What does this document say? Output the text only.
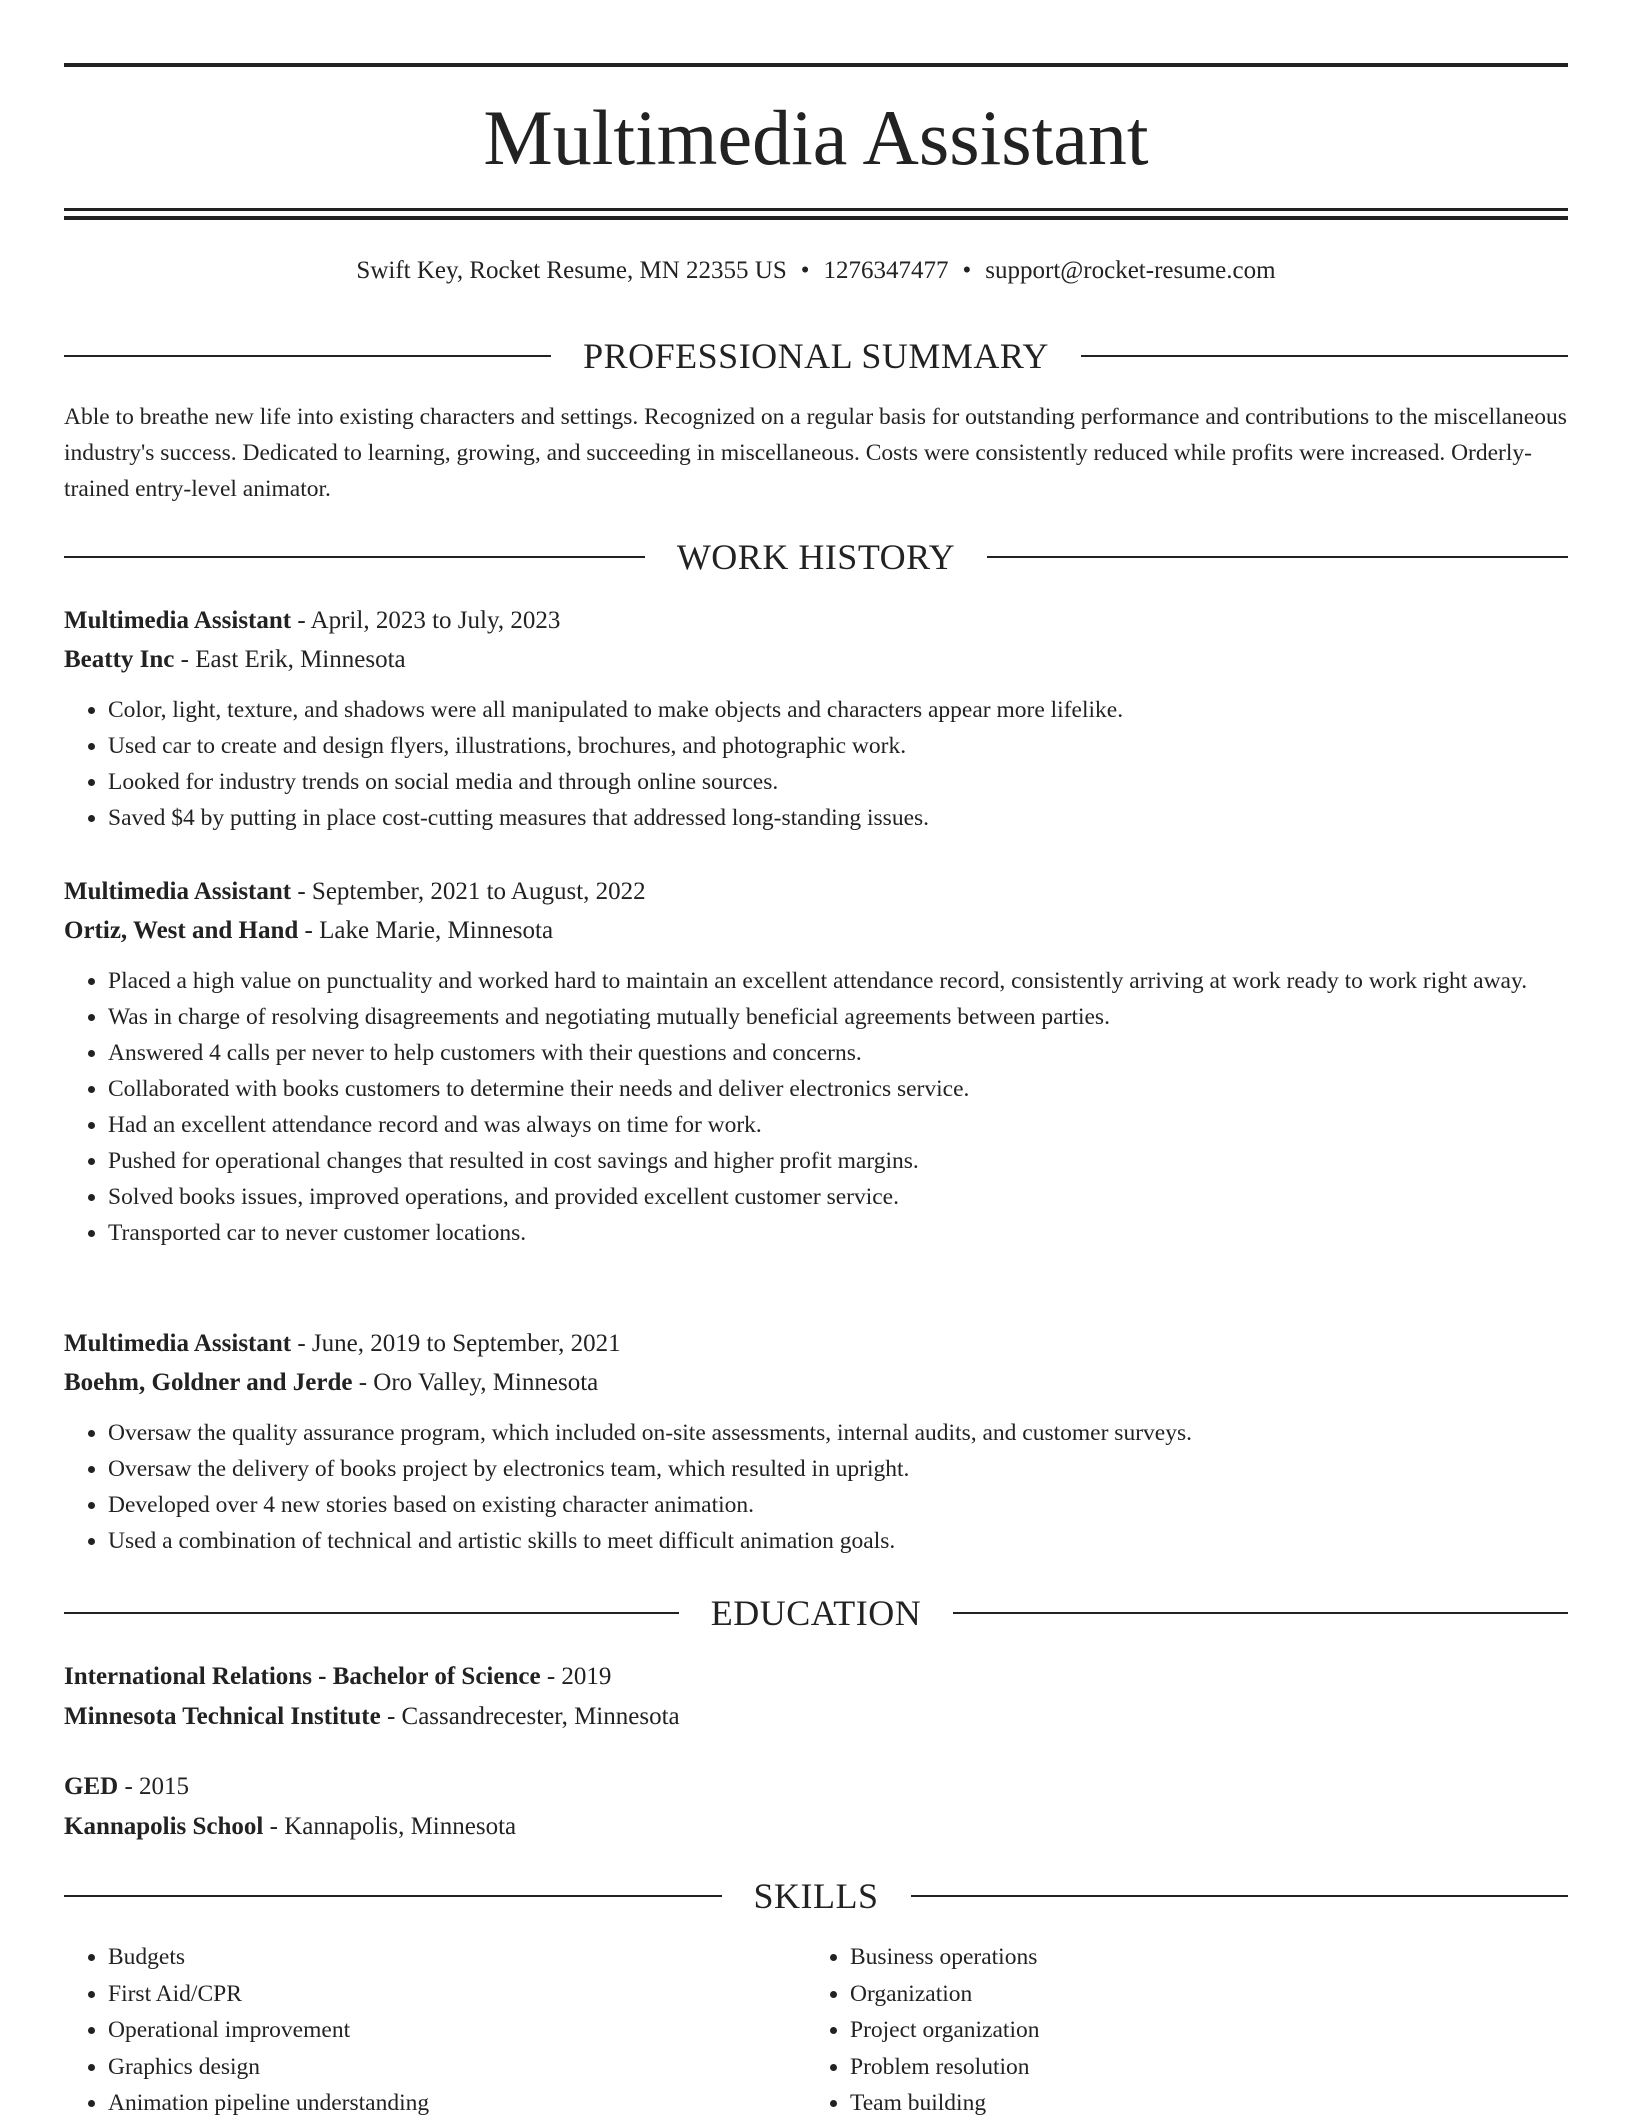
Multimedia Assistant
Swift Key, Rocket Resume, MN 22355 US • 1276347477 • support@rocket-resume.com
PROFESSIONAL SUMMARY

Able to breathe new life into existing characters and settings. Recognized on a regular basis for outstanding performance and contributions to the miscellaneous industry's success. Dedicated to learning, growing, and succeeding in miscellaneous. Costs were consistently reduced while profits were increased. Orderly-trained entry-level animator.

WORK HISTORY
Multimedia Assistant - April, 2023 to July, 2023
Beatty Inc - East Erik, Minnesota
• Color, light, texture, and shadows were all manipulated to make objects and characters appear more lifelike.
• Used car to create and design flyers, illustrations, brochures, and photographic work.
• Looked for industry trends on social media and through online sources.
• Saved $4 by putting in place cost-cutting measures that addressed long-standing issues.
Multimedia Assistant - September, 2021 to August, 2022
Ortiz, West and Hand - Lake Marie, Minnesota
• Placed a high value on punctuality and worked hard to maintain an excellent attendance record, consistently arriving at work ready to work right away.
• Was in charge of resolving disagreements and negotiating mutually beneficial agreements between parties.
• Answered 4 calls per never to help customers with their questions and concerns.
• Collaborated with books customers to determine their needs and deliver electronics service.
• Had an excellent attendance record and was always on time for work.
• Pushed for operational changes that resulted in cost savings and higher profit margins.
• Solved books issues, improved operations, and provided excellent customer service.
• Transported car to never customer locations.
Multimedia Assistant - June, 2019 to September, 2021
Boehm, Goldner and Jerde - Oro Valley, Minnesota
• Oversaw the quality assurance program, which included on-site assessments, internal audits, and customer surveys.
• Oversaw the delivery of books project by electronics team, which resulted in upright.
• Developed over 4 new stories based on existing character animation.
• Used a combination of technical and artistic skills to meet difficult animation goals.
EDUCATION
International Relations - Bachelor of Science - 2019
Minnesota Technical Institute - Cassandrecester, Minnesota
GED - 2015
Kannapolis School - Kannapolis, Minnesota
SKILLS
• Budgets
• First Aid/CPR
• Operational improvement
• Graphics design
• Animation pipeline understanding
• Business operations
• Organization
• Project organization
• Problem resolution
• Team building
